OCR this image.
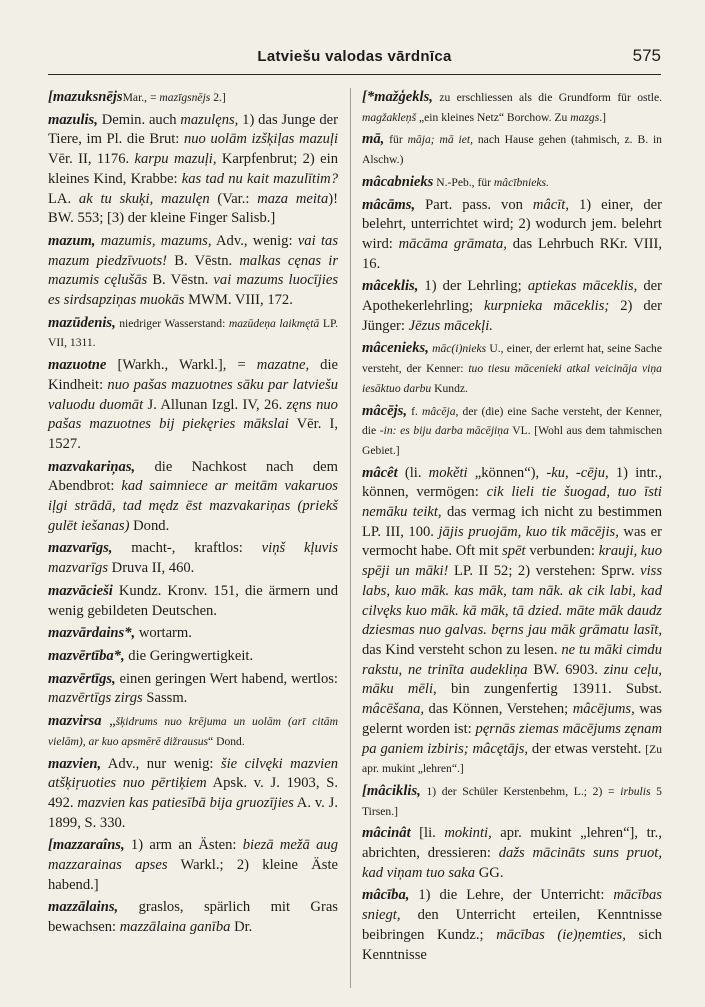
Latviešu valodas vārdnīca	575

[mazuksnējsMar., = mazīgsnējs 2.]

mazulis, Demin. auch mazulęns, 1) das Junge der Tiere, im Pl. die Brut: nuo uolām izšķiļas mazuļi Vēr. II, 1176. karpu mazuļi, Karpfenbrut; 2) ein kleines Kind, Krabbe: kas tad nu kait mazulītim? LA. ak tu skuķi, mazulęn (Var.: maza meita)! BW. 553; [3) der kleine Finger Salisb.]

mazum, mazumis, mazums, Adv., wenig: vai tas mazum piedzīvuots! B. Vēstn. malkas cęnas ir mazumis cęlušās B. Vēstn. vai mazums luocījies es sirdsapziņas muokās MWM. VIII, 172.

mazūdenis, niedriger Wasserstand: mazūdeņa laikmętā LP. VII, 1311.

mazuotne [Warkh., Warkl.], = mazatne, die Kindheit: nuo pašas mazuotnes sāku par latviešu valuodu duomāt J. Allunan Izgl. IV, 26. zęns nuo pašas mazuotnes bij piekęries mākslai Vēr. I, 1527.

mazvakariņas, die Nachkost nach dem Abendbrot: kad saimniece ar meitām vakaruos iļgi strādā, tad mędz ēst mazvakariņas (priekš gulēt iešanas) Dond.

mazvarīgs, macht-, kraftlos: viņš kļuvis mazvarīgs Druva II, 460.

mazvācieši Kundz. Kronv. 151, die ärmern und wenig gebildeten Deutschen.

mazvārdains*, wortarm.

mazvērtība*, die Geringwertigkeit.

mazvērtīgs, einen geringen Wert habend, wertlos: mazvērtīgs zirgs Sassm.

mazvirsa „šķidrums nuo krējuma un uolām (arī citām vielām), ar kuo apsmērē dižrausus“ Dond.

mazvien, Adv., nur wenig: šie cilvęki mazvien atšķiŗuoties nuo pērtiķiem Apsk. v. J. 1903, S. 492. mazvien kas patiesībā bija gruozījies A. v. J. 1899, S. 330.

[mazzaraîns, 1) arm an Ästen: biezā mežā aug mazzarainas apses Warkl.; 2) kleine Äste habend.]

mazzālains, graslos, spärlich mit Gras bewachsen: mazzālaina ganība Dr.

[*mažģekls, zu erschliessen als die Grundform für ostle. magžakleņš „ein kleines Netz“ Borchow. Zu mazgs.]

mā, für māja; mā iet, nach Hause gehen (tahmisch, z. B. in Alschw.)

mâcabnieks N.-Peb., für mâcībnieks.

mâcāms, Part. pass. von mâcīt, 1) einer, der belehrt, unterrichtet wird; 2) wodurch jem. belehrt wird: mācāma grāmata, das Lehrbuch RKr. VIII, 16.

mâceklis, 1) der Lehrling; aptiekas māceklis, der Apothekerlehrling; kurpnieka māceklis; 2) der Jünger: Jēzus mācekļi.

mâcenieks, māc(i)nieks U., einer, der erlernt hat, seine Sache versteht, der Kenner: tuo tiesu mācenieki atkal veicināja viņa iesāktuo darbu Kundz.

mâcējs, f. mâcēja, der (die) eine Sache versteht, der Kenner, die -in: es biju darba mācējiņa VL. [Wohl aus dem tahmischen Gebiet.]

mâcêt (li. mokěti „können“), -ku, -cēju, 1) intr., können, vermögen: cik lieli tie šuogad, tuo īsti nemāku teikt, das vermag ich nicht zu bestimmen LP. III, 100. jājis pruojām, kuo tik mācējis, was er vermocht habe. Oft mit spēt verbunden: krauji, kuo spēji un māki! LP. II 52; 2) verstehen: Sprw. viss labs, kuo māk. kas māk, tam nāk. ak cik labi, kad cilvęks kuo māk. kā māk, tā dzied. māte māk daudz dziesmas nuo galvas. bęrns jau māk grāmatu lasīt, das Kind versteht schon zu lesen. ne tu māki cimdu rakstu, ne trinīta audekliņa BW. 6903. zinu ceļu, māku mēli, bin zungenfertig 13911. Subst. mâcēšana, das Können, Verstehen; mâcējums, was gelernt worden ist: pęrnās ziemas mācējums zęnam pa ganiem izbiris; mâcętājs, der etwas versteht. [Zu apr. mukint „lehren“.]

[mâciklis, 1) der Schüler Kerstenbehm, L.; 2) = irbulis 5 Tirsen.]

mâcinât [li. mokinti, apr. mukint „lehren“], tr., abrichten, dressieren: dažs mācināts suns pruot, kad viņam tuo saka GG.

mâcība, 1) die Lehre, der Unterricht: mācības sniegt, den Unterricht erteilen, Kenntnisse beibringen Kundz.; mācības (ie)ņemties, sich Kenntnisse
